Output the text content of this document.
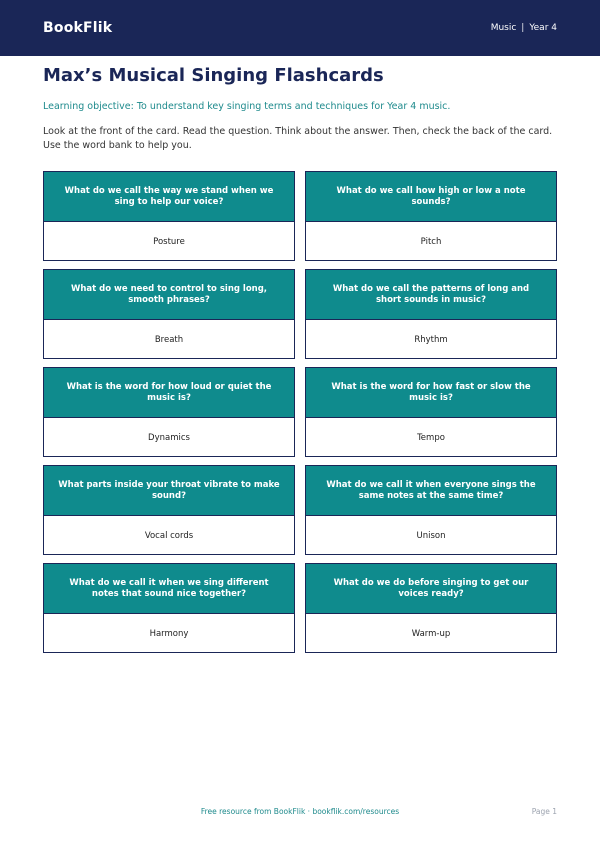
BookFlik	Music | Year 4
Max’s Musical Singing Flashcards

Learning objective: To understand key singing terms and techniques for Year 4 music.

Look at the front of the card. Read the question. Think about the answer. Then, check the back of the card. Use the word bank to help you.

What do we call the way we stand when we sing to help our voice?
Posture
What do we call how high or low a note sounds?
Pitch
What do we need to control to sing long, smooth phrases?
Breath
What do we call the patterns of long and short sounds in music?
Rhythm
What is the word for how loud or quiet the music is?
Dynamics
What is the word for how fast or slow the music is?
Tempo
What parts inside your throat vibrate to make sound?
Vocal cords
What do we call it when everyone sings the same notes at the same time?
Unison
What do we call it when we sing different notes that sound nice together?
Harmony
What do we do before singing to get our voices ready?
Warm-up
Free resource from BookFlik · bookflik.com/resources	Page 1
